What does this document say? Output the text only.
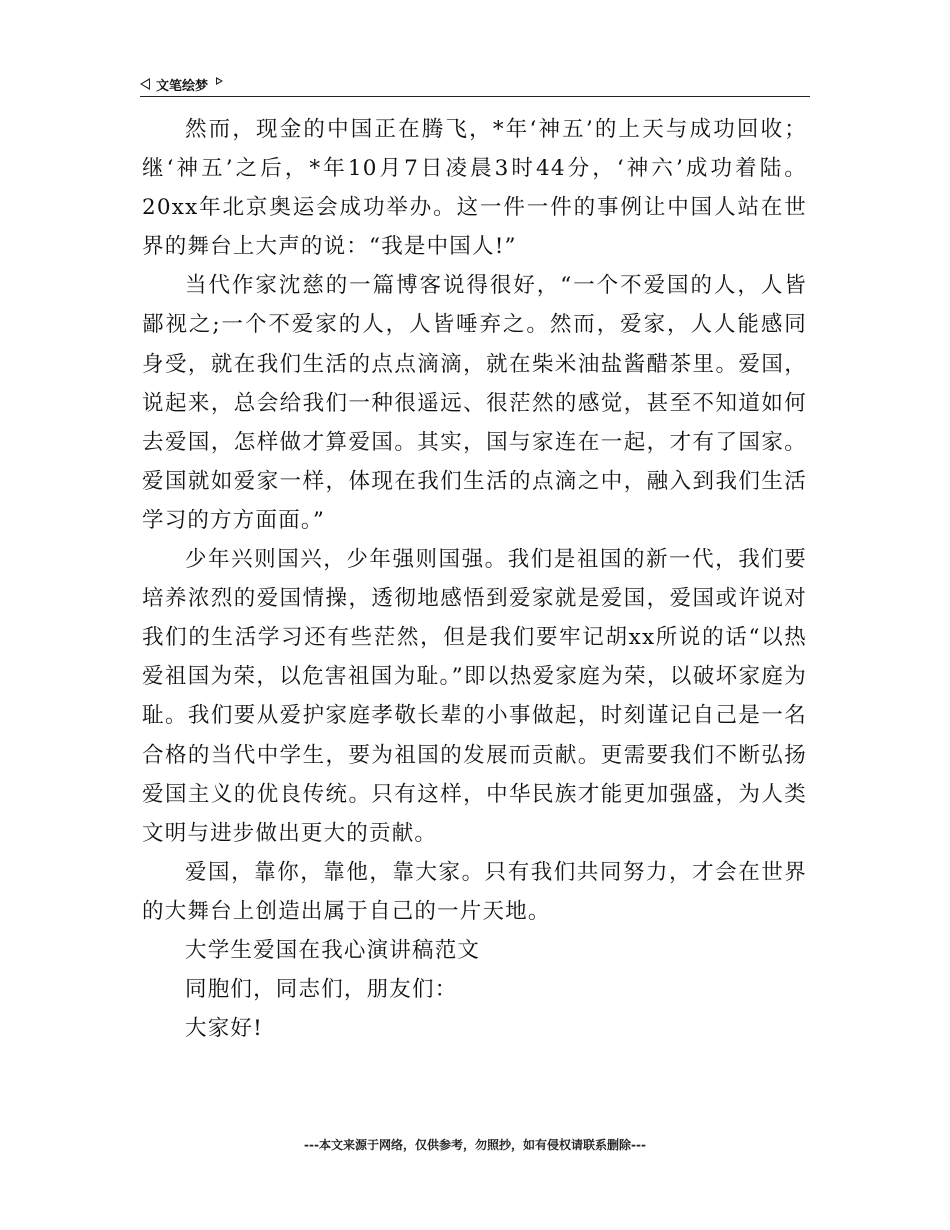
文笔绘梦

然而，现金的中国正在腾飞，*年‘神五’的上天与成功回收；继‘神五’之后，*年10月7日凌晨3时44分，‘神六’成功着陆。20xx年北京奥运会成功举办。这一件一件的事例让中国人站在世界的舞台上大声的说：“我是中国人!”

当代作家沈慈的一篇博客说得很好，“一个不爱国的人，人皆鄙视之;一个不爱家的人，人皆唾弃之。然而，爱家，人人能感同身受，就在我们生活的点点滴滴，就在柴米油盐酱醋茶里。爱国，说起来，总会给我们一种很遥远、很茫然的感觉，甚至不知道如何去爱国，怎样做才算爱国。其实，国与家连在一起，才有了国家。爱国就如爱家一样，体现在我们生活的点滴之中，融入到我们生活学习的方方面面。”

少年兴则国兴，少年强则国强。我们是祖国的新一代，我们要培养浓烈的爱国情操，透彻地感悟到爱家就是爱国，爱国或许说对我们的生活学习还有些茫然，但是我们要牢记胡xx所说的话“以热爱祖国为荣，以危害祖国为耻。”即以热爱家庭为荣，以破坏家庭为耻。我们要从爱护家庭孝敬长辈的小事做起，时刻谨记自己是一名合格的当代中学生，要为祖国的发展而贡献。更需要我们不断弘扬爱国主义的优良传统。只有这样，中华民族才能更加强盛，为人类文明与进步做出更大的贡献。

爱国，靠你，靠他，靠大家。只有我们共同努力，才会在世界的大舞台上创造出属于自己的一片天地。

大学生爱国在我心演讲稿范文

同胞们，同志们，朋友们：

大家好!

---本文来源于网络，仅供参考，勿照抄，如有侵权请联系删除---
